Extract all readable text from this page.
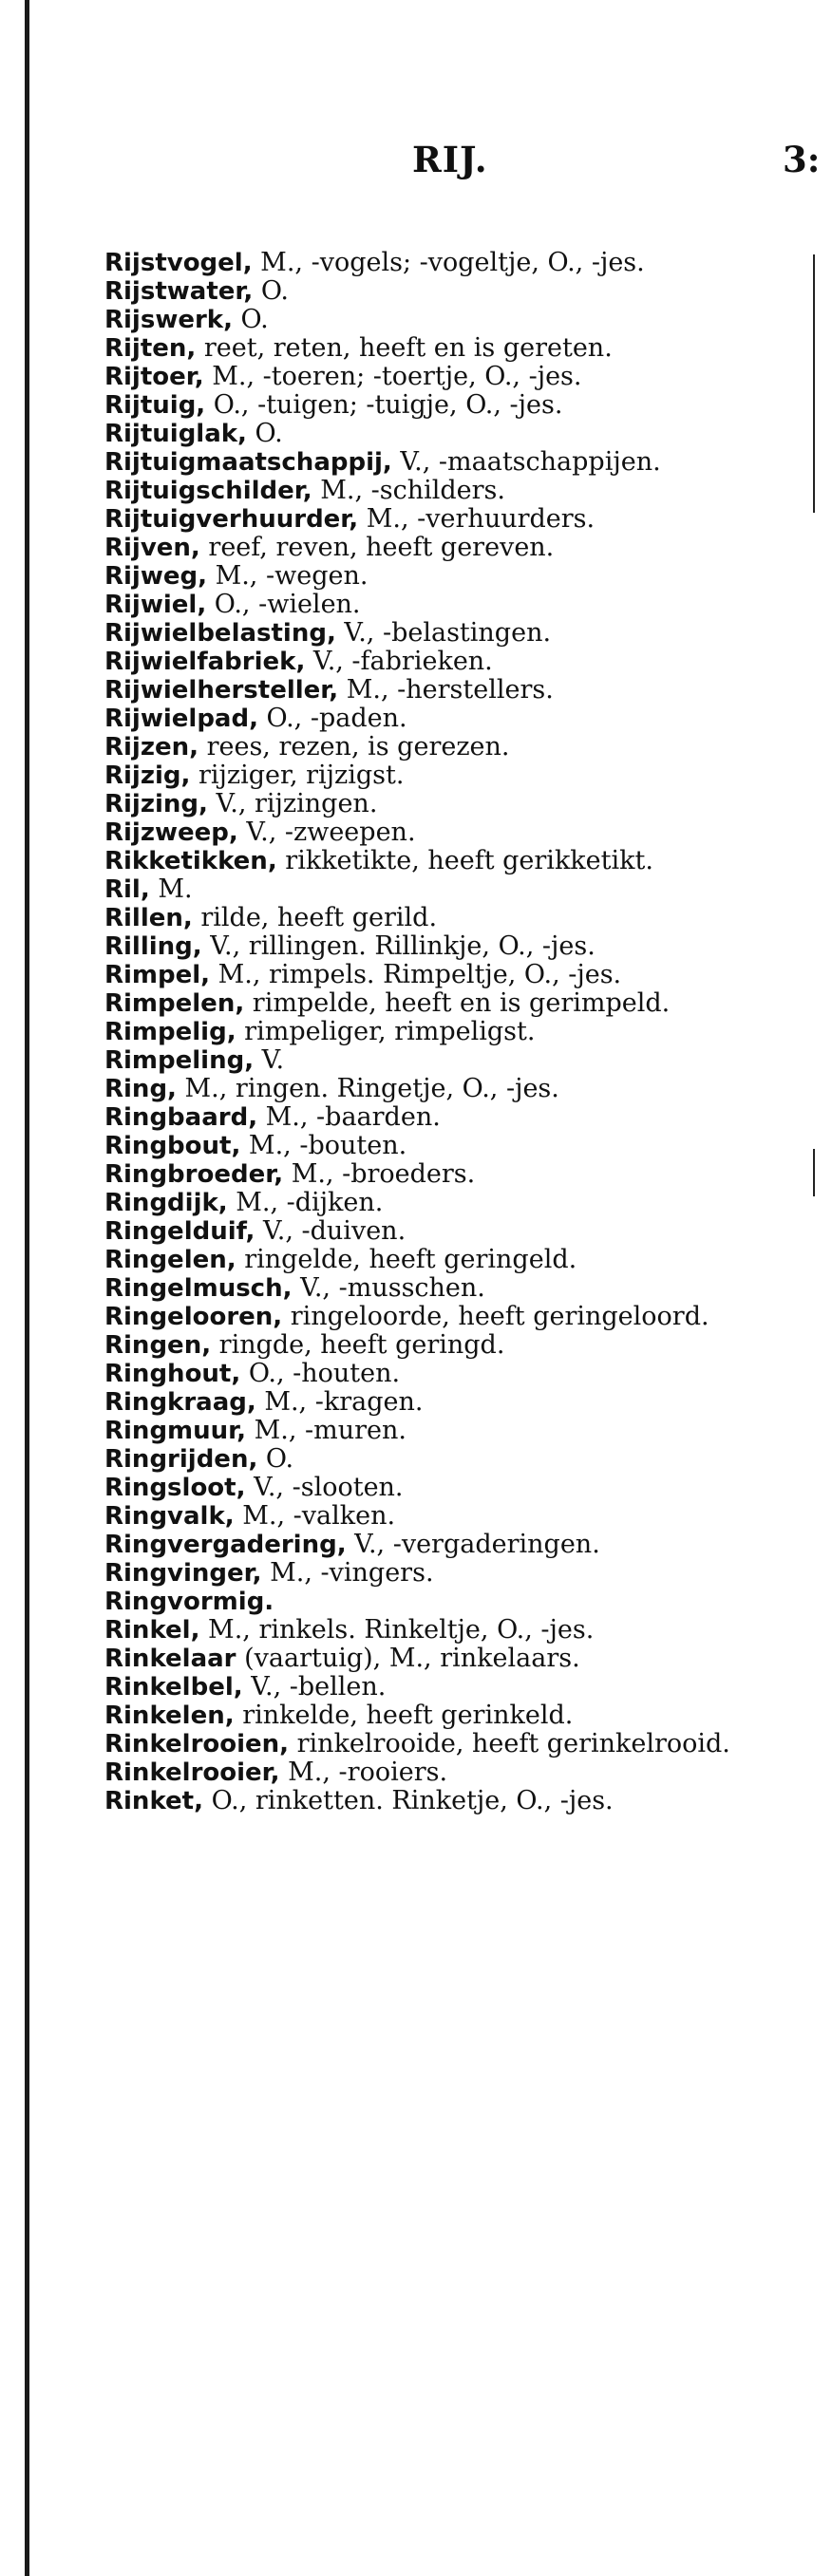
RIJ.	3:

Rijstvogel, M., -vogels; -vogeltje, O., -jes.

Rijstwater, O.

Rijswerk, O.

Rijten, reet, reten, heeft en is gereten.

Rijtoer, M., -toeren; -toertje, O., -jes.

Rijtuig, O., -tuigen; -tuigje, O., -jes.

Rijtuiglak, O.

Rijtuigmaatschappij, V., -maatschappijen.

Rijtuigschilder, M., -schilders.

Rijtuigverhuurder, M., -verhuurders.

Rijven, reef, reven, heeft gereven.

Rijweg, M., -wegen.

Rijwiel, O., -wielen.

Rijwielbelasting, V., -belastingen.

Rijwielfabriek, V., -fabrieken.

Rijwielhersteller, M., -herstellers.

Rijwielpad, O., -paden.

Rijzen, rees, rezen, is gerezen.

Rijzig, rijziger, rijzigst.

Rijzing, V., rijzingen.

Rijzweep, V., -zweepen.

Rikketikken, rikketikte, heeft gerikketikt.

Ril, M.

Rillen, rilde, heeft gerild.

Rilling, V., rillingen. Rillinkje, O., -jes.

Rimpel, M., rimpels. Rimpeltje, O., -jes.

Rimpelen, rimpelde, heeft en is gerimpeld.

Rimpelig, rimpeliger, rimpeligst.

Rimpeling, V.

Ring, M., ringen. Ringetje, O., -jes.

Ringbaard, M., -baarden.

Ringbout, M., -bouten.

Ringbroeder, M., -broeders.

Ringdijk, M., -dijken.

Ringelduif, V., -duiven.

Ringelen, ringelde, heeft geringeld.

Ringelmusch, V., -musschen.

Ringelooren, ringeloorde, heeft geringeloord.

Ringen, ringde, heeft geringd.

Ringhout, O., -houten.

Ringkraag, M., -kragen.

Ringmuur, M., -muren.

Ringrijden, O.

Ringsloot, V., -slooten.

Ringvalk, M., -valken.

Ringvergadering, V., -vergaderingen.

Ringvinger, M., -vingers.

Ringvormig.

Rinkel, M., rinkels. Rinkeltje, O., -jes.

Rinkelaar (vaartuig), M., rinkelaars.

Rinkelbel, V., -bellen.

Rinkelen, rinkelde, heeft gerinkeld.

Rinkelrooien, rinkelrooide, heeft gerinkelrooid.

Rinkelrooier, M., -rooiers.

Rinket, O., rinketten. Rinketje, O., -jes.
